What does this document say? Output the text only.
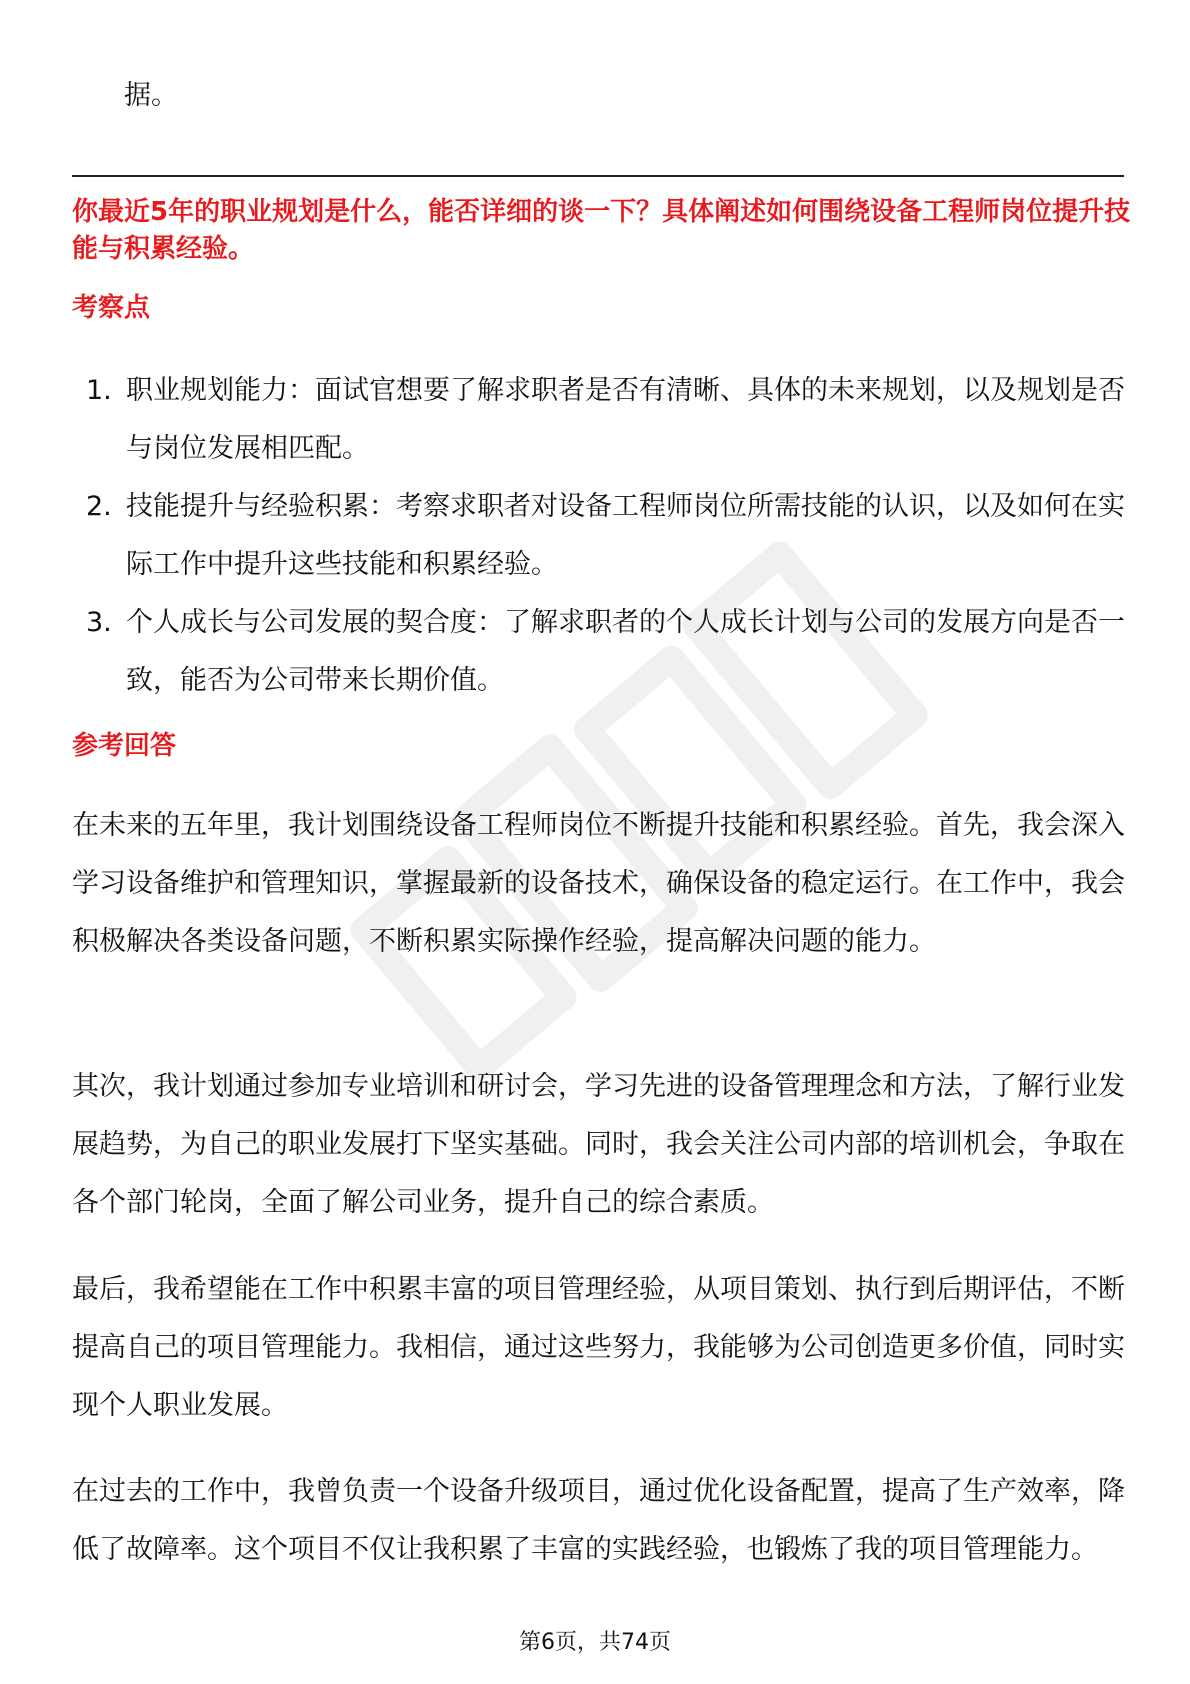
据。
你最近5年的职业规划是什么，能否详细的谈一下？具体阐述如何围绕设备工程师岗位提升技能与积累经验。
考察点
1. 职业规划能力：面试官想要了解求职者是否有清晰、具体的未来规划，以及规划是否与岗位发展相匹配。
2. 技能提升与经验积累：考察求职者对设备工程师岗位所需技能的认识，以及如何在实际工作中提升这些技能和积累经验。
3. 个人成长与公司发展的契合度：了解求职者的个人成长计划与公司的发展方向是否一致，能否为公司带来长期价值。
参考回答

在未来的五年里，我计划围绕设备工程师岗位不断提升技能和积累经验。首先，我会深入学习设备维护和管理知识，掌握最新的设备技术，确保设备的稳定运行。在工作中，我会积极解决各类设备问题，不断积累实际操作经验，提高解决问题的能力。

其次，我计划通过参加专业培训和研讨会，学习先进的设备管理理念和方法，了解行业发展趋势，为自己的职业发展打下坚实基础。同时，我会关注公司内部的培训机会，争取在各个部门轮岗，全面了解公司业务，提升自己的综合素质。

最后，我希望能在工作中积累丰富的项目管理经验，从项目策划、执行到后期评估，不断提高自己的项目管理能力。我相信，通过这些努力，我能够为公司创造更多价值，同时实现个人职业发展。

在过去的工作中，我曾负责一个设备升级项目，通过优化设备配置，提高了生产效率，降低了故障率。这个项目不仅让我积累了丰富的实践经验，也锻炼了我的项目管理能力。

第6页，共74页
